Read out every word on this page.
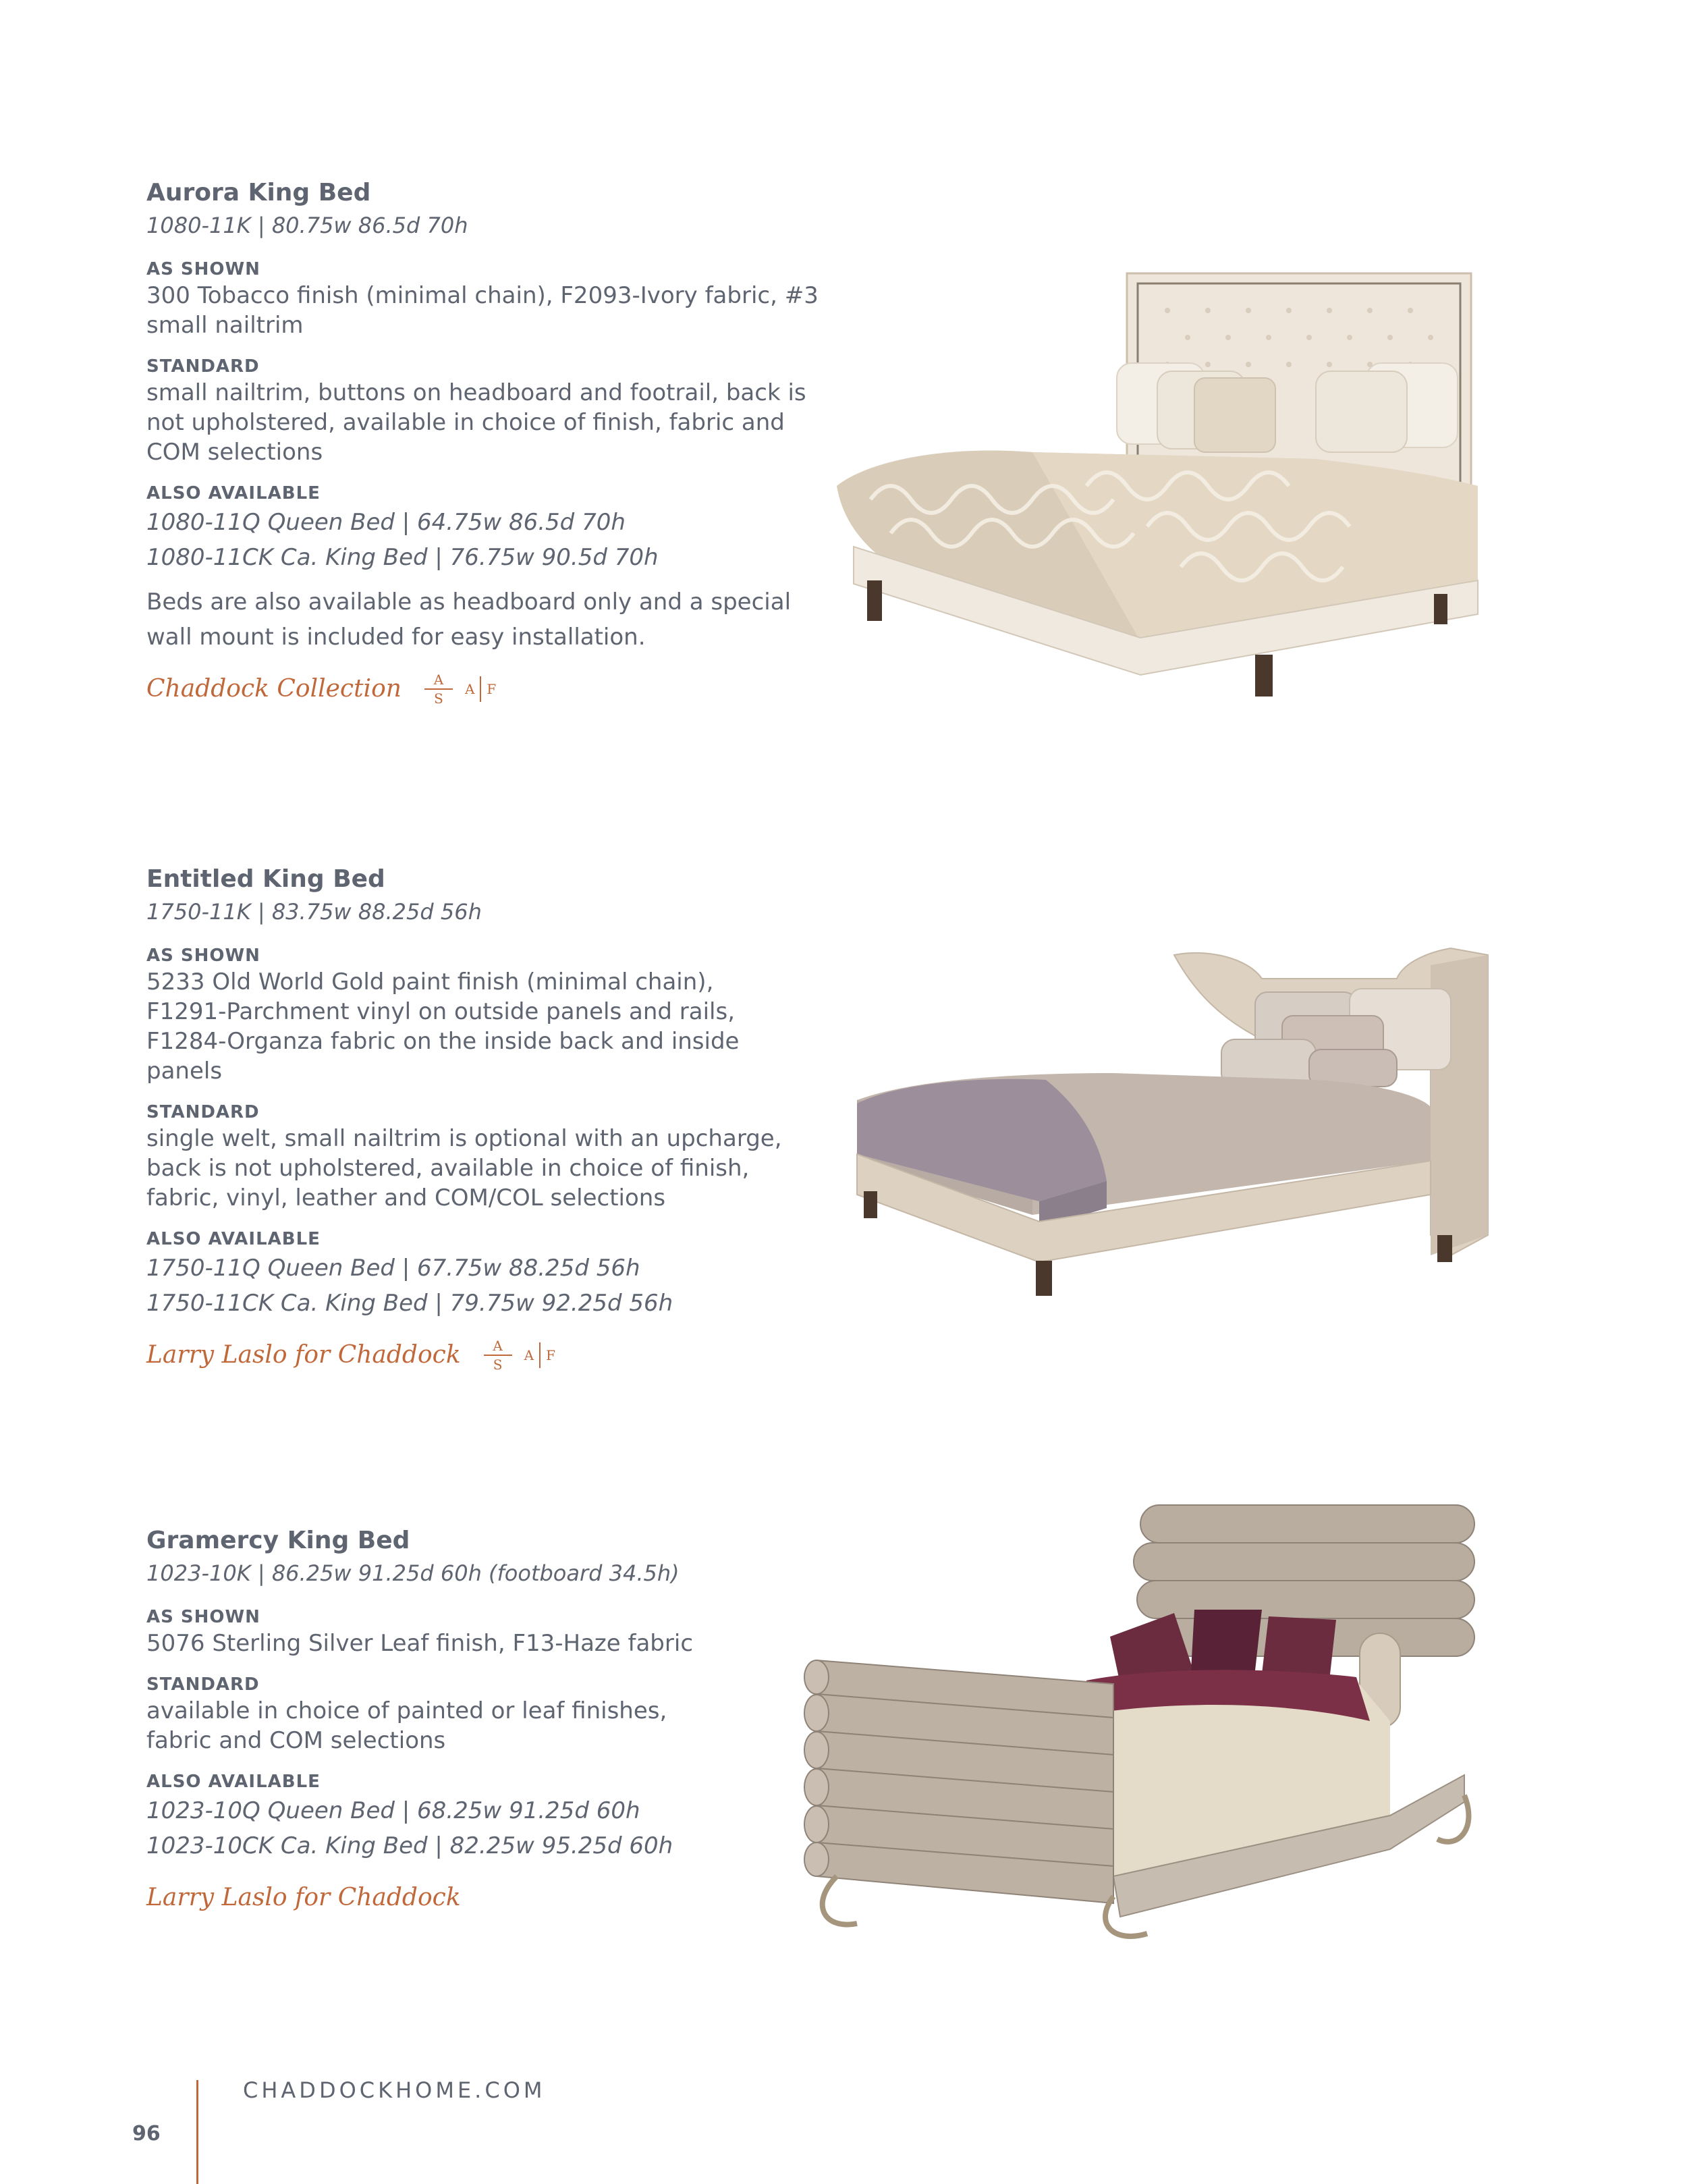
Aurora King Bed

1080-11K | 80.75w 86.5d 70h

AS SHOWN

300 Tobacco finish (minimal chain), F2093-Ivory fabric, #3 small nailtrim

STANDARD

small nailtrim, buttons on headboard and footrail, back is not upholstered, available in choice of finish, fabric and COM selections

ALSO AVAILABLE

1080-11Q Queen Bed | 64.75w 86.5d 70h

1080-11CK Ca. King Bed | 76.75w 90.5d 70h

Beds are also available as headboard only and a special wall mount is included for easy installation.

Chaddock Collection $\frac{A}{S}$ A F

Entitled King Bed

1750-11K | 83.75w 88.25d 56h

AS SHOWN

5233 Old World Gold paint finish (minimal chain), F1291-Parchment vinyl on outside panels and rails, F1284-Organza fabric on the inside back and inside panels

STANDARD

single welt, small nailtrim is optional with an upcharge, back is not upholstered, available in choice of finish, fabric, vinyl, leather and COM/COL selections

ALSO AVAILABLE

1750-11Q Queen Bed | 67.75w 88.25d 56h

1750-11CK Ca. King Bed | 79.75w 92.25d 56h

Larry Laslo for Chaddock $\frac{A}{S}$ A F

Gramercy King Bed

1023-10K | 86.25w 91.25d 60h (footboard 34.5h)

AS SHOWN

5076 Sterling Silver Leaf finish, F13-Haze fabric

STANDARD

available in choice of painted or leaf finishes, fabric and COM selections

ALSO AVAILABLE

1023-10Q Queen Bed | 68.25w 91.25d 60h

1023-10CK Ca. King Bed | 82.25w 95.25d 60h

Larry Laslo for Chaddock
CHADDOCKHOME.COM
96
